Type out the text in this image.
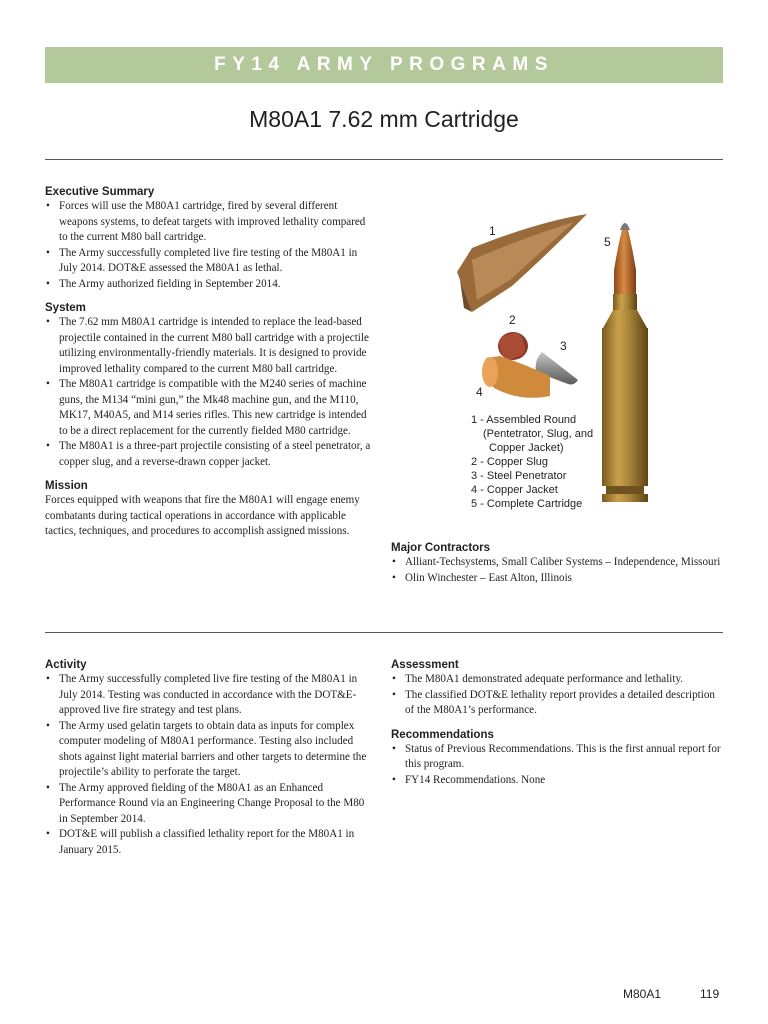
FY14 ARMY PROGRAMS
M80A1 7.62 mm Cartridge
Executive Summary
• Forces will use the M80A1 cartridge, fired by several different weapons systems, to defeat targets with improved lethality compared to the current M80 ball cartridge.
• The Army successfully completed live fire testing of the M80A1 in July 2014. DOT&E assessed the M80A1 as lethal.
• The Army authorized fielding in September 2014.
System
• The 7.62 mm M80A1 cartridge is intended to replace the lead-based projectile contained in the current M80 ball cartridge with a projectile utilizing environmentally-friendly materials. It is designed to provide improved lethality compared to the current M80 ball cartridge.
• The M80A1 cartridge is compatible with the M240 series of machine guns, the M134 “mini gun,” the Mk48 machine gun, and the M110, MK17, M40A5, and M14 series rifles. This new cartridge is intended to be a direct replacement for the currently fielded M80 cartridge.
• The M80A1 is a three-part projectile consisting of a steel penetrator, a copper slug, and a reverse-drawn copper jacket.
Mission

Forces equipped with weapons that fire the M80A1 will engage enemy combatants during tactical operations in accordance with applicable tactics, techniques, and procedures to accomplish assigned missions.

1
2
3
4
5
1 - Assembled Round
(Pentetrator, Slug, and
Copper Jacket)
2 - Copper Slug
3 - Steel Penetrator
4 - Copper Jacket
5 - Complete Cartridge
Major Contractors
• Alliant-Techsystems, Small Caliber Systems – Independence, Missouri
• Olin Winchester – East Alton, Illinois
Activity
• The Army successfully completed live fire testing of the M80A1 in July 2014. Testing was conducted in accordance with the DOT&E-approved live fire strategy and test plans.
• The Army used gelatin targets to obtain data as inputs for complex computer modeling of M80A1 performance. Testing also included shots against light material barriers and other targets to determine the projectile’s ability to perforate the target.
• The Army approved fielding of the M80A1 as an Enhanced Performance Round via an Engineering Change Proposal to the M80 in September 2014.
• DOT&E will publish a classified lethality report for the M80A1 in January 2015.
Assessment
• The M80A1 demonstrated adequate performance and lethality.
• The classified DOT&E lethality report provides a detailed description of the M80A1’s performance.
Recommendations
• Status of Previous Recommendations. This is the first annual report for this program.
• FY14 Recommendations. None
M80A1	119
